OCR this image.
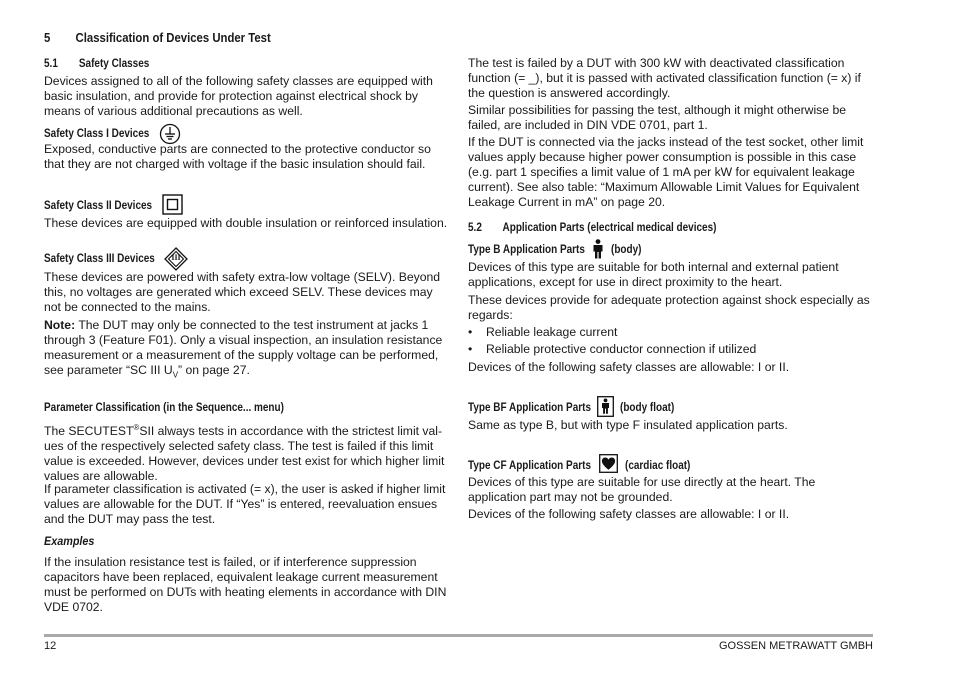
5 Classification of Devices Under Test
5.1 Safety Classes
Devices assigned to all of the following safety classes are equipped with basic insulation, and provide for protection against electrical shock by means of various additional precautions as well.
Safety Class I Devices
Exposed, conductive parts are connected to the protective conductor so that they are not charged with voltage if the basic insulation should fail.
Safety Class II Devices
These devices are equipped with double insulation or reinforced insulation.
Safety Class III Devices	III
These devices are powered with safety extra-low voltage (SELV). Beyond this, no voltages are generated which exceed SELV. These devices may not be connected to the mains.
Note: The DUT may only be connected to the test instrument at jacks 1 through 3 (Feature F01). Only a visual inspection, an insulation resistance measurement or a measurement of the supply voltage can be performed, see parameter “SC III $U_V$” on page 27.
Parameter Classification (in the Sequence... menu)
The SECUTEST®SII always tests in accordance with the strictest limit val-ues of the respectively selected safety class. The test is failed if this limit value is exceeded. However, devices under test exist for which higher limit values are allowable.
If parameter classification is activated (= x), the user is asked if higher limit values are allowable for the DUT. If “Yes” is entered, reevaluation ensues and the DUT may pass the test.
Examples
If the insulation resistance test is failed, or if interference suppression capacitors have been replaced, equivalent leakage current measurement must be performed on DUTs with heating elements in accordance with DIN VDE 0702.
The test is failed by a DUT with 300 kW with deactivated classification function (= _), but it is passed with activated classification function (= x) if the question is answered accordingly.
Similar possibilities for passing the test, although it might otherwise be failed, are included in DIN VDE 0701, part 1.
If the DUT is connected via the jacks instead of the test socket, other limit values apply because higher power consumption is possible in this case (e.g. part 1 specifies a limit value of 1 mA per kW for equivalent leakage current). See also table: “Maximum Allowable Limit Values for Equivalent Leakage Current in mA” on page 20.
5.2 Application Parts (electrical medical devices)
Type B Application Parts (body)
Devices of this type are suitable for both internal and external patient applications, except for use in direct proximity to the heart.
These devices provide for adequate protection against shock especially as regards:
• Reliable leakage current
• Reliable protective conductor connection if utilized
Devices of the following safety classes are allowable: I or II.
Type BF Application Parts	(body float)
Same as type B, but with type F insulated application parts.
Type CF Application Parts	(cardiac float)
Devices of this type are suitable for use directly at the heart. The application part may not be grounded.
Devices of the following safety classes are allowable: I or II.
12	GOSSEN METRAWATT GMBH
